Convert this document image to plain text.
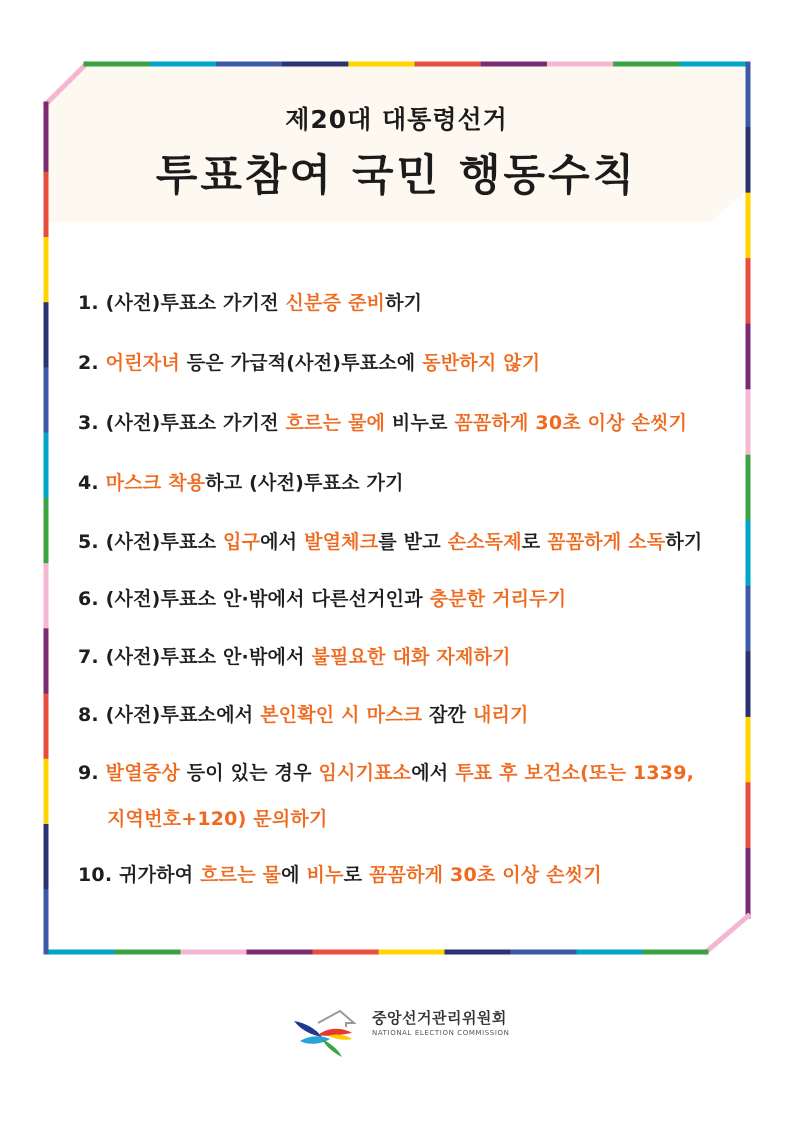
제20대 대통령선거
투표참여 국민 행동수칙
1. (사전)투표소 가기전 신분증 준비하기
2. 어린자녀 등은 가급적(사전)투표소에 동반하지 않기
3. (사전)투표소 가기전 흐르는 물에 비누로 꼼꼼하게 30초 이상 손씻기
4. 마스크 착용하고 (사전)투표소 가기
5. (사전)투표소 입구에서 발열체크를 받고 손소독제로 꼼꼼하게 소독하기
6. (사전)투표소 안·밖에서 다른선거인과 충분한 거리두기
7. (사전)투표소 안·밖에서 불필요한 대화 자제하기
8. (사전)투표소에서 본인확인 시 마스크 잠깐 내리기
9. 발열증상 등이 있는 경우 임시기표소에서 투표 후 보건소(또는 1339,
지역번호+120) 문의하기
10. 귀가하여 흐르는 물에 비누로 꼼꼼하게 30초 이상 손씻기
중앙선거관리위원회
NATIONAL ELECTION COMMISSION
